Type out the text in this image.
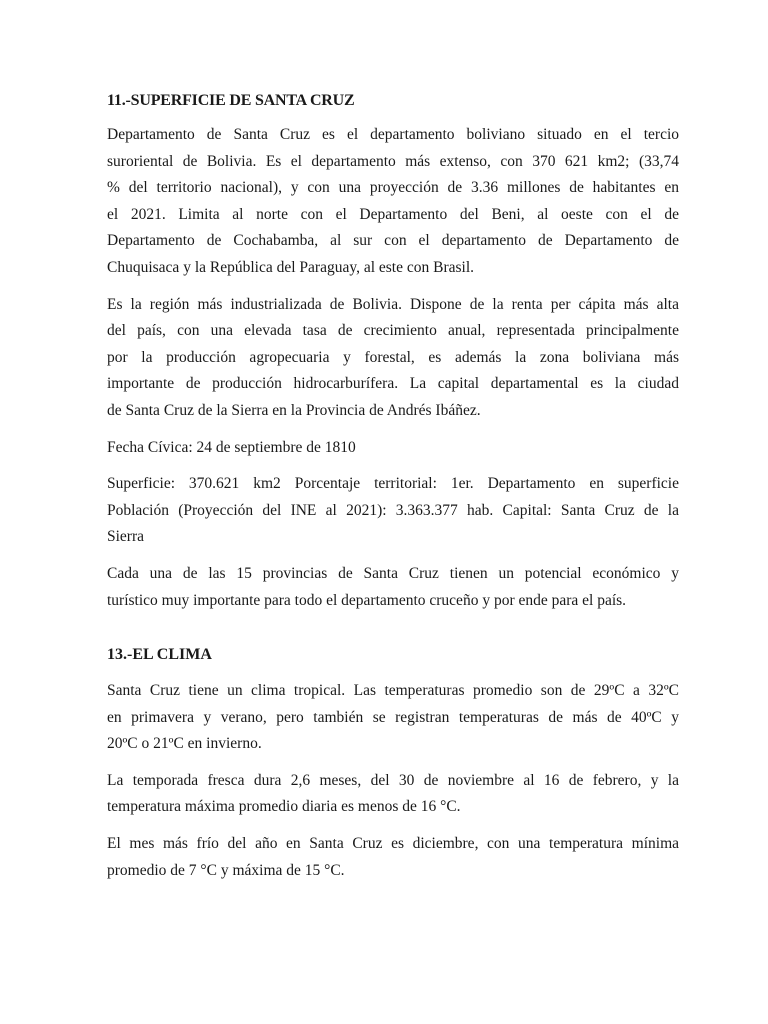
11.-SUPERFICIE DE SANTA CRUZ

Departamento de Santa Cruz es el departamento boliviano situado en el tercio
suroriental de Bolivia. Es el departamento más extenso, con 370 621 km2; (33,74
% del territorio nacional), y con una proyección de 3.36 millones de habitantes en
el 2021. Limita al norte con el Departamento del Beni, al oeste con el de
Departamento de Cochabamba, al sur con el departamento de Departamento de
Chuquisaca y la República del Paraguay, al este con Brasil.

Es la región más industrializada de Bolivia. Dispone de la renta per cápita más alta
del país, con una elevada tasa de crecimiento anual, representada principalmente
por la producción agropecuaria y forestal, es además la zona boliviana más
importante de producción hidrocarburífera. La capital departamental es la ciudad
de Santa Cruz de la Sierra en la Provincia de Andrés Ibáñez.

Fecha Cívica: 24 de septiembre de 1810

Superficie: 370.621 km2 Porcentaje territorial: 1er. Departamento en superficie
Población (Proyección del INE al 2021): 3.363.377 hab. Capital: Santa Cruz de la
Sierra

Cada una de las 15 provincias de Santa Cruz tienen un potencial económico y
turístico muy importante para todo el departamento cruceño y por ende para el país.

13.-EL CLIMA

Santa Cruz tiene un clima tropical. Las temperaturas promedio son de 29ºC a 32ºC
en primavera y verano, pero también se registran temperaturas de más de 40ºC y
20ºC o 21ºC en invierno.

La temporada fresca dura 2,6 meses, del 30 de noviembre al 16 de febrero, y la
temperatura máxima promedio diaria es menos de 16 °C.

El mes más frío del año en Santa Cruz es diciembre, con una temperatura mínima
promedio de 7 °C y máxima de 15 °C.
